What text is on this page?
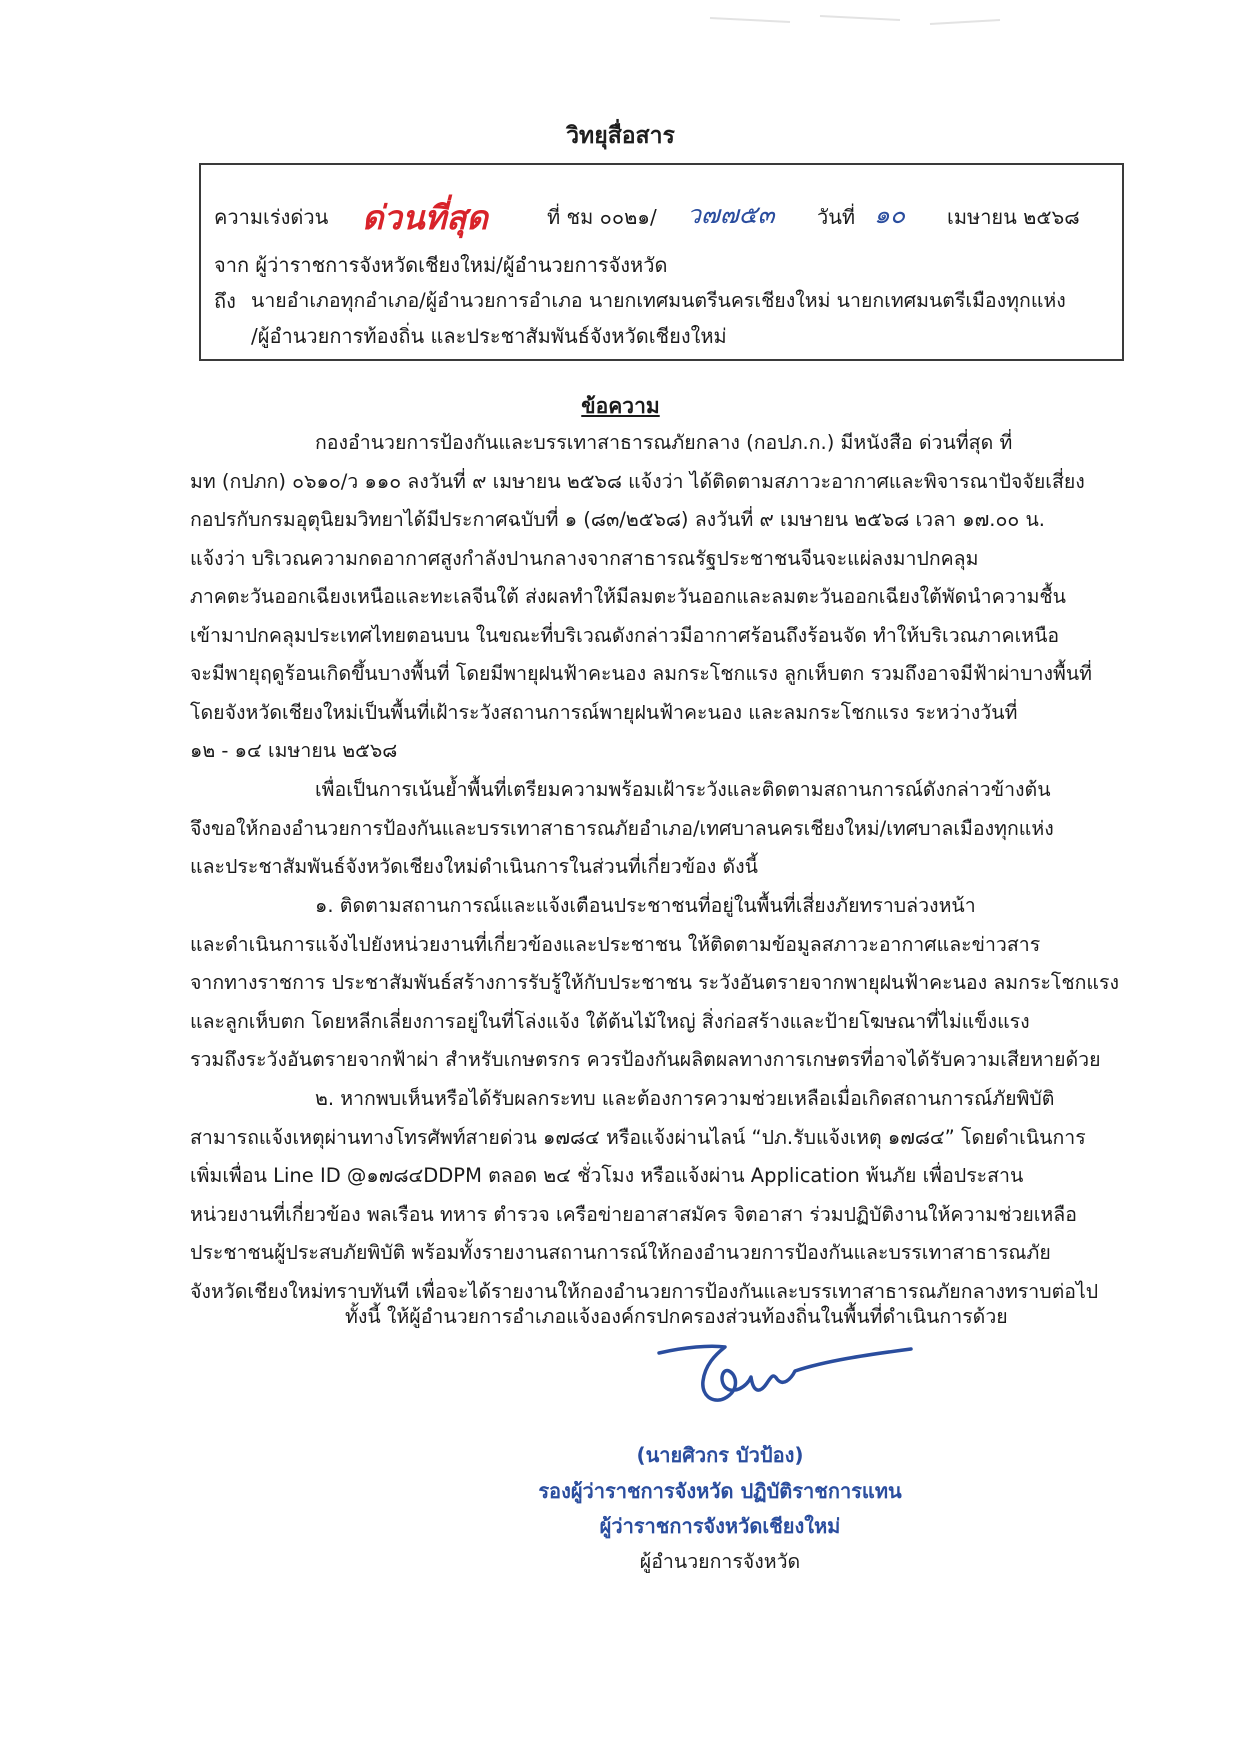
วิทยุสื่อสาร
ความเร่งด่วน ด่วนที่สุด	ที่ ชม ๐๐๒๑/ ว๗๗๕๓ วันที่ ๑๐ เมษายน ๒๕๖๘
จาก ผู้ว่าราชการจังหวัดเชียงใหม่/ผู้อำนวยการจังหวัด
ถึง นายอำเภอทุกอำเภอ/ผู้อำนวยการอำเภอ นายกเทศมนตรีนครเชียงใหม่ นายกเทศมนตรีเมืองทุกแห่ง
/ผู้อำนวยการท้องถิ่น และประชาสัมพันธ์จังหวัดเชียงใหม่
ข้อความ
กองอำนวยการป้องกันและบรรเทาสาธารณภัยกลาง (กอปภ.ก.) มีหนังสือ ด่วนที่สุด ที่
มท (กปภก) ๐๖๑๐/ว ๑๑๐ ลงวันที่ ๙ เมษายน ๒๕๖๘ แจ้งว่า ได้ติดตามสภาวะอากาศและพิจารณาปัจจัยเสี่ยง
กอปรกับกรมอุตุนิยมวิทยาได้มีประกาศฉบับที่ ๑ (๘๓/๒๕๖๘) ลงวันที่ ๙ เมษายน ๒๕๖๘ เวลา ๑๗.๐๐ น.
แจ้งว่า บริเวณความกดอากาศสูงกำลังปานกลางจากสาธารณรัฐประชาชนจีนจะแผ่ลงมาปกคลุม
ภาคตะวันออกเฉียงเหนือและทะเลจีนใต้ ส่งผลทำให้มีลมตะวันออกและลมตะวันออกเฉียงใต้พัดนำความชื้น
เข้ามาปกคลุมประเทศไทยตอนบน ในขณะที่บริเวณดังกล่าวมีอากาศร้อนถึงร้อนจัด ทำให้บริเวณภาคเหนือ
จะมีพายุฤดูร้อนเกิดขึ้นบางพื้นที่ โดยมีพายุฝนฟ้าคะนอง ลมกระโชกแรง ลูกเห็บตก รวมถึงอาจมีฟ้าผ่าบางพื้นที่
โดยจังหวัดเชียงใหม่เป็นพื้นที่เฝ้าระวังสถานการณ์พายุฝนฟ้าคะนอง และลมกระโชกแรง ระหว่างวันที่
๑๒ - ๑๔ เมษายน ๒๕๖๘
เพื่อเป็นการเน้นย้ำพื้นที่เตรียมความพร้อมเฝ้าระวังและติดตามสถานการณ์ดังกล่าวข้างต้น
จึงขอให้กองอำนวยการป้องกันและบรรเทาสาธารณภัยอำเภอ/เทศบาลนครเชียงใหม่/เทศบาลเมืองทุกแห่ง
และประชาสัมพันธ์จังหวัดเชียงใหม่ดำเนินการในส่วนที่เกี่ยวข้อง ดังนี้
๑. ติดตามสถานการณ์และแจ้งเตือนประชาชนที่อยู่ในพื้นที่เสี่ยงภัยทราบล่วงหน้า
และดำเนินการแจ้งไปยังหน่วยงานที่เกี่ยวข้องและประชาชน ให้ติดตามข้อมูลสภาวะอากาศและข่าวสาร
จากทางราชการ ประชาสัมพันธ์สร้างการรับรู้ให้กับประชาชน ระวังอันตรายจากพายุฝนฟ้าคะนอง ลมกระโชกแรง
และลูกเห็บตก โดยหลีกเลี่ยงการอยู่ในที่โล่งแจ้ง ใต้ต้นไม้ใหญ่ สิ่งก่อสร้างและป้ายโฆษณาที่ไม่แข็งแรง
รวมถึงระวังอันตรายจากฟ้าผ่า สำหรับเกษตรกร ควรป้องกันผลิตผลทางการเกษตรที่อาจได้รับความเสียหายด้วย
๒. หากพบเห็นหรือได้รับผลกระทบ และต้องการความช่วยเหลือเมื่อเกิดสถานการณ์ภัยพิบัติ
สามารถแจ้งเหตุผ่านทางโทรศัพท์สายด่วน ๑๗๘๔ หรือแจ้งผ่านไลน์ “ปภ.รับแจ้งเหตุ ๑๗๘๔” โดยดำเนินการ
เพิ่มเพื่อน Line ID @๑๗๘๔DDPM ตลอด ๒๔ ชั่วโมง หรือแจ้งผ่าน Application พ้นภัย เพื่อประสาน
หน่วยงานที่เกี่ยวข้อง พลเรือน ทหาร ตำรวจ เครือข่ายอาสาสมัคร จิตอาสา ร่วมปฏิบัติงานให้ความช่วยเหลือ
ประชาชนผู้ประสบภัยพิบัติ พร้อมทั้งรายงานสถานการณ์ให้กองอำนวยการป้องกันและบรรเทาสาธารณภัย
จังหวัดเชียงใหม่ทราบทันที เพื่อจะได้รายงานให้กองอำนวยการป้องกันและบรรเทาสาธารณภัยกลางทราบต่อไป
ทั้งนี้ ให้ผู้อำนวยการอำเภอแจ้งองค์กรปกครองส่วนท้องถิ่นในพื้นที่ดำเนินการด้วย
(นายศิวกร บัวป้อง)
รองผู้ว่าราชการจังหวัด ปฏิบัติราชการแทน
ผู้ว่าราชการจังหวัดเชียงใหม่
ผู้อำนวยการจังหวัด
